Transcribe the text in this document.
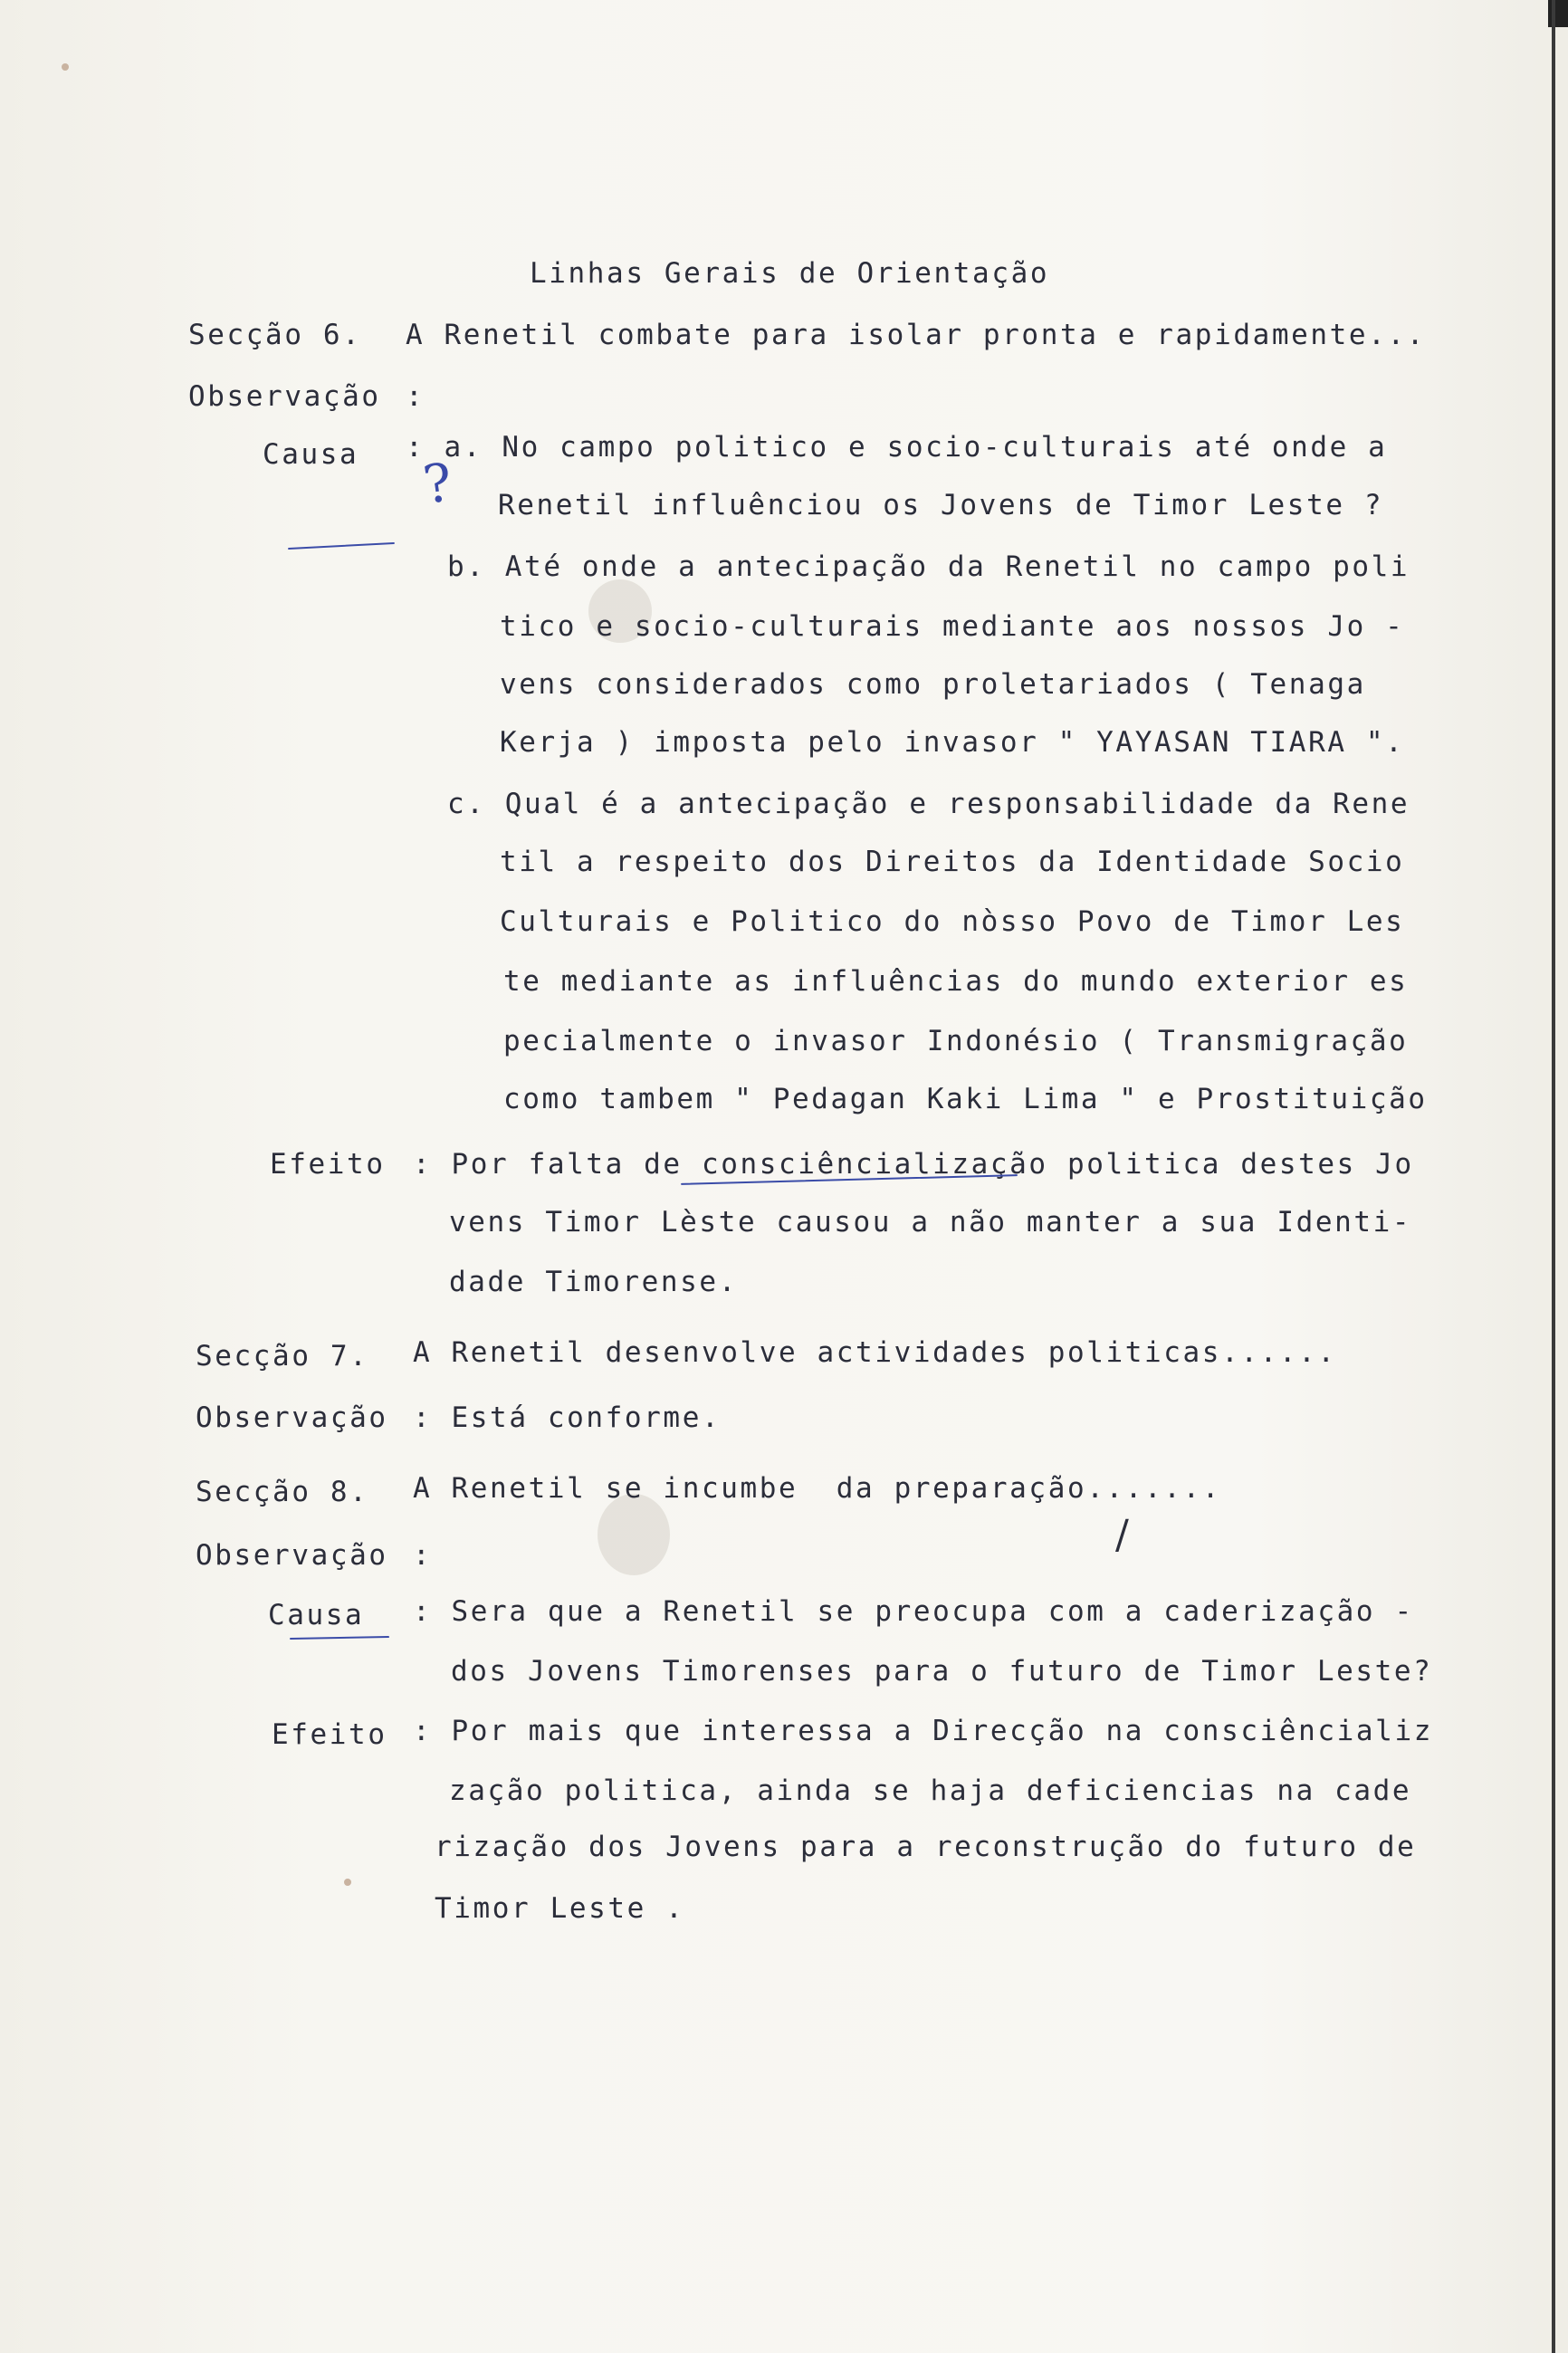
Linhas Gerais de Orientação
Secção 6. A Renetil combate para isolar pronta e rapidamente...
Observação :
Causa : a. No campo politico e socio-culturais até onde a
Renetil influênciou os Jovens de Timor Leste ?
b. Até onde a antecipação da Renetil no campo poli
tico e socio-culturais mediante aos nossos Jo -
vens considerados como proletariados ( Tenaga
Kerja ) imposta pelo invasor " YAYASAN TIARA ".
c. Qual é a antecipação e responsabilidade da Rene
til a respeito dos Direitos da Identidade Socio
Culturais e Politico do nòsso Povo de Timor Les
te mediante as influências do mundo exterior es
pecialmente o invasor Indonésio ( Transmigração
como tambem " Pedagan Kaki Lima " e Prostituição
Efeito : Por falta de consciêncialização politica destes Jo
vens Timor Lèste causou a não manter a sua Identi-
dade Timorense.
Secção 7. A Renetil desenvolve actividades politicas......
Observação : Está conforme.
Secção 8. A Renetil se incumbe  da preparação.......
Observação :
Causa : Sera que a Renetil se preocupa com a caderização -
dos Jovens Timorenses para o futuro de Timor Leste?
Efeito : Por mais que interessa a Direcção na consciêncializ
zação politica, ainda se haja deficiencias na cade
rização dos Jovens para a reconstrução do futuro de
Timor Leste .
?
/
